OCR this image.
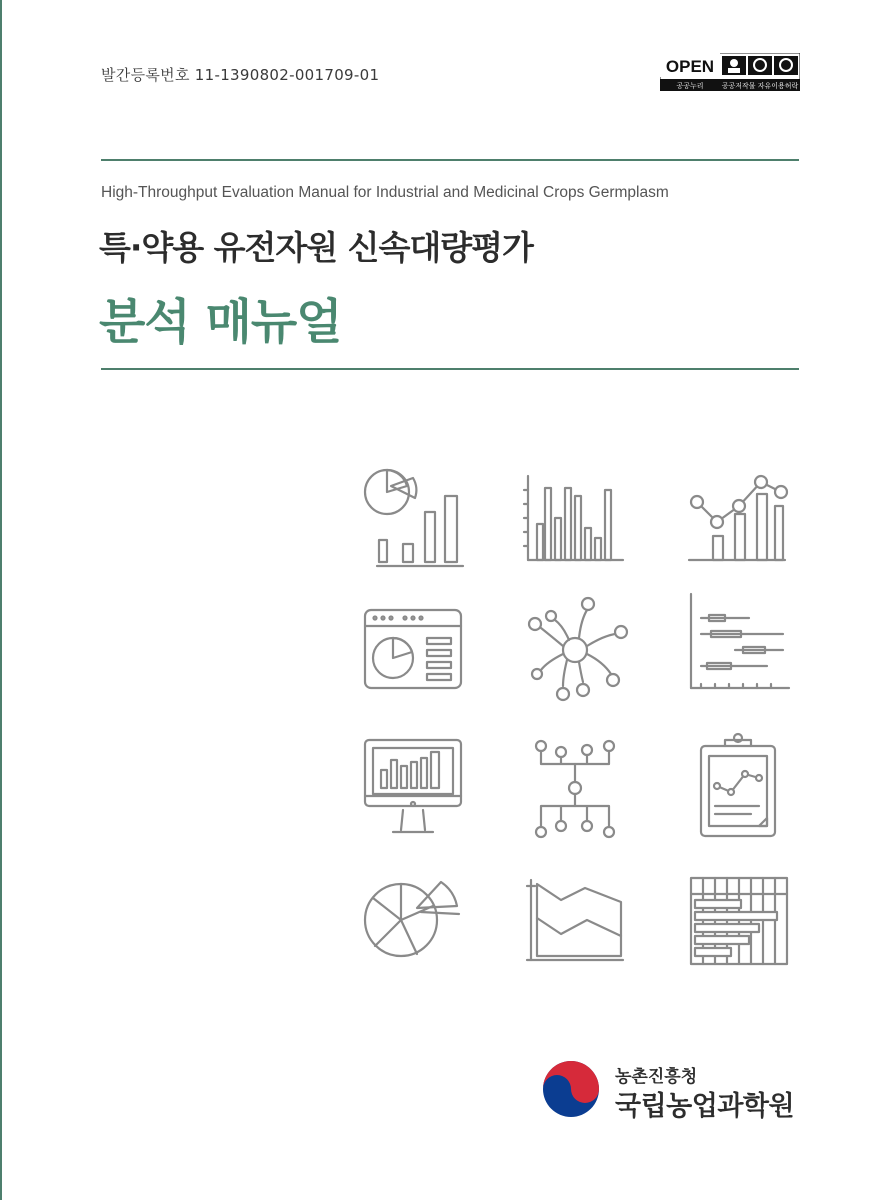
발간등록번호 11-1390802-001709-01	OPEN
공공누리	공공저작물 자유이용허락
High-Throughput Evaluation Manual for Industrial and Medicinal Crops Germplasm
특·약용 유전자원 신속대량평가
분석 매뉴얼
농촌진흥청
국립농업과학원
